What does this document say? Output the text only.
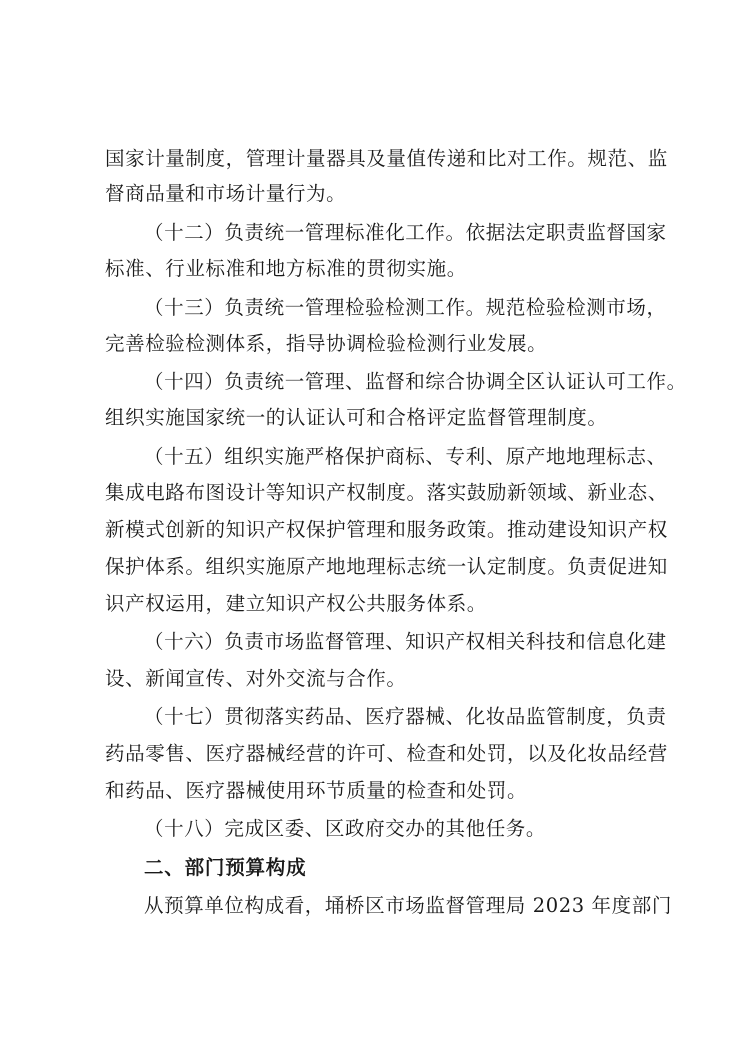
国家计量制度，管理计量器具及量值传递和比对工作。规范、监
督商品量和市场计量行为。
（十二）负责统一管理标准化工作。依据法定职责监督国家
标准、行业标准和地方标准的贯彻实施。
（十三）负责统一管理检验检测工作。规范检验检测市场，
完善检验检测体系，指导协调检验检测行业发展。
（十四）负责统一管理、监督和综合协调全区认证认可工作。
组织实施国家统一的认证认可和合格评定监督管理制度。
（十五）组织实施严格保护商标、专利、原产地地理标志、
集成电路布图设计等知识产权制度。落实鼓励新领域、新业态、
新模式创新的知识产权保护管理和服务政策。推动建设知识产权
保护体系。组织实施原产地地理标志统一认定制度。负责促进知
识产权运用，建立知识产权公共服务体系。
（十六）负责市场监督管理、知识产权相关科技和信息化建
设、新闻宣传、对外交流与合作。
（十七）贯彻落实药品、医疗器械、化妆品监管制度，负责
药品零售、医疗器械经营的许可、检查和处罚，以及化妆品经营
和药品、医疗器械使用环节质量的检查和处罚。
（十八）完成区委、区政府交办的其他任务。
二、部门预算构成
从预算单位构成看，埇桥区市场监督管理局 2023 年度部门
